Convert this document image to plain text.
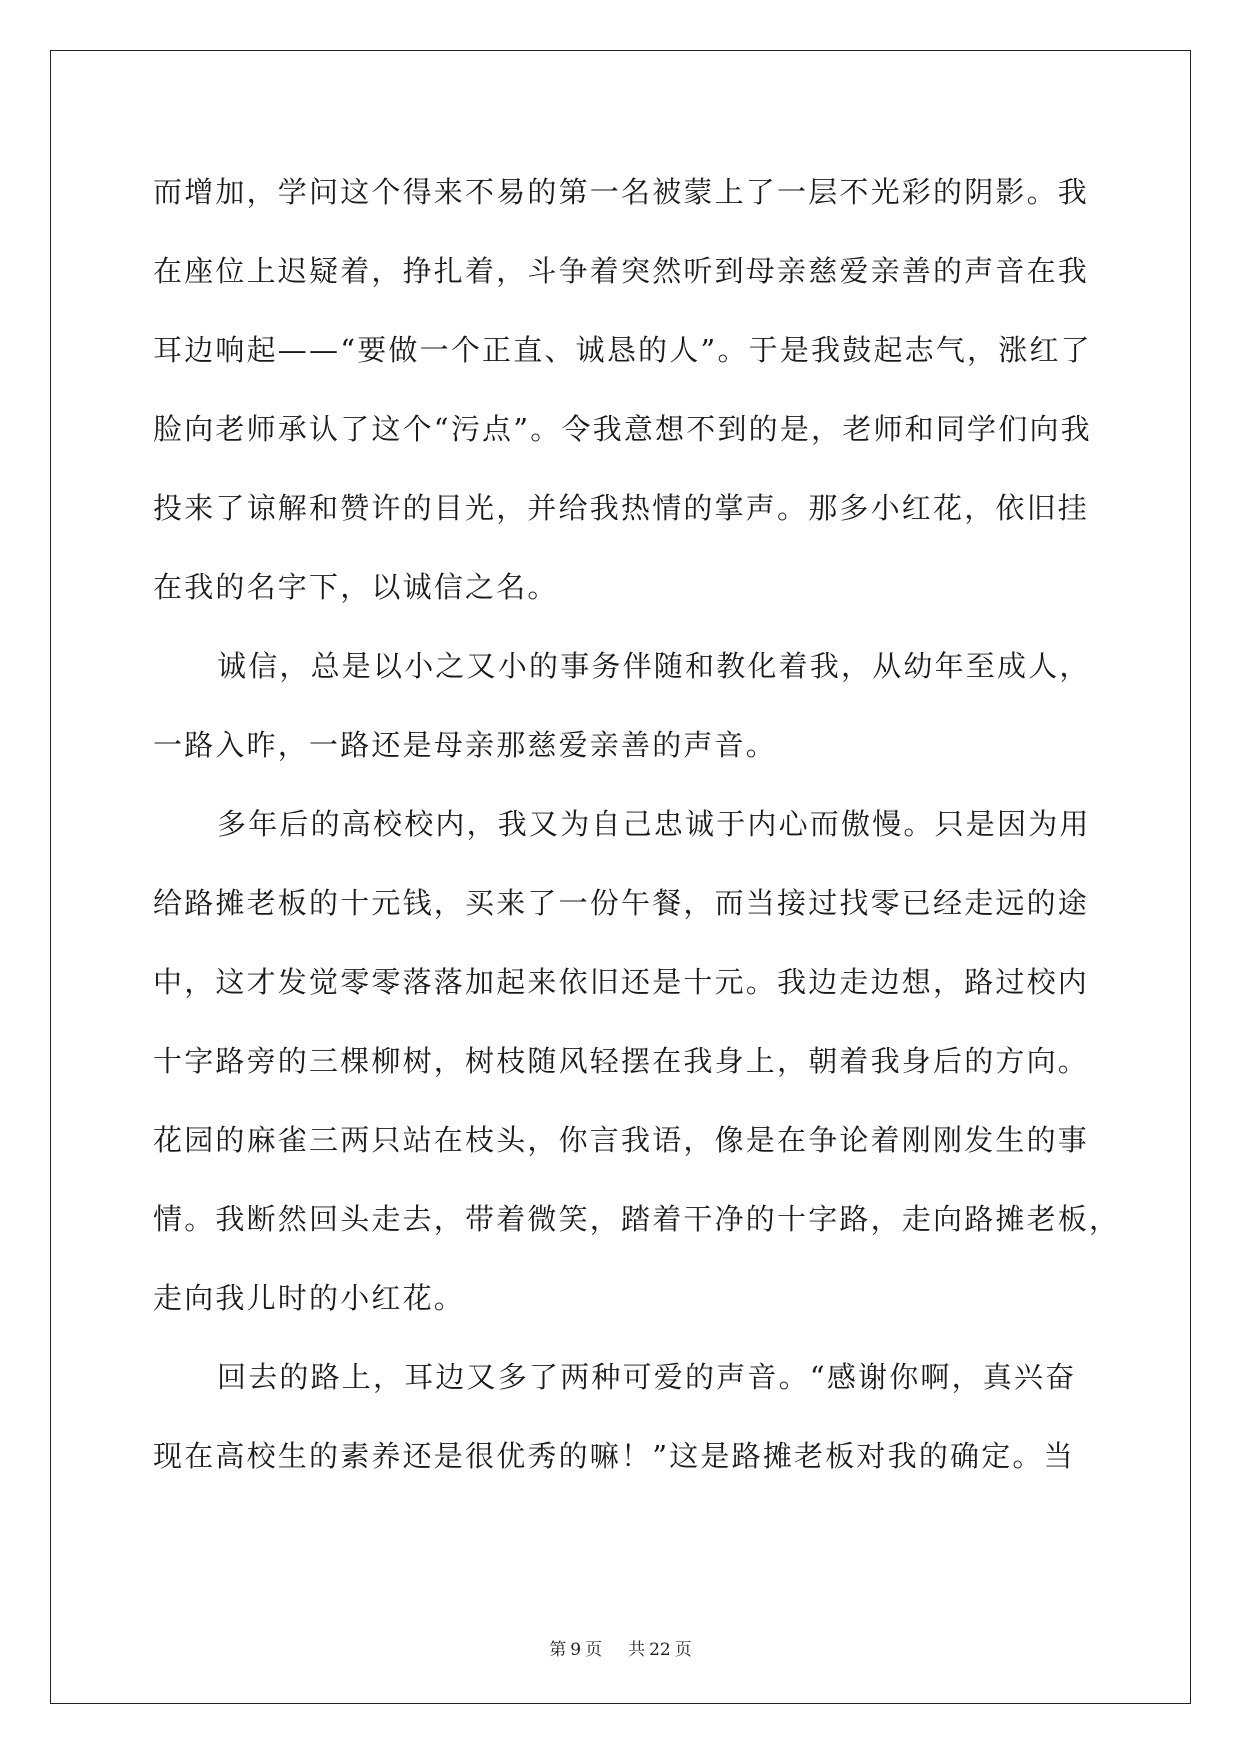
而增加，学问这个得来不易的第一名被蒙上了一层不光彩的阴影。我
在座位上迟疑着，挣扎着，斗争着突然听到母亲慈爱亲善的声音在我
耳边响起——“要做一个正直、诚恳的人”。于是我鼓起志气，涨红了
脸向老师承认了这个“污点”。令我意想不到的是，老师和同学们向我
投来了谅解和赞许的目光，并给我热情的掌声。那多小红花，依旧挂
在我的名字下，以诚信之名。
诚信，总是以小之又小的事务伴随和教化着我，从幼年至成人，
一路入昨，一路还是母亲那慈爱亲善的声音。
多年后的高校校内，我又为自己忠诚于内心而傲慢。只是因为用
给路摊老板的十元钱，买来了一份午餐，而当接过找零已经走远的途
中，这才发觉零零落落加起来依旧还是十元。我边走边想，路过校内
十字路旁的三棵柳树，树枝随风轻摆在我身上，朝着我身后的方向。
花园的麻雀三两只站在枝头，你言我语，像是在争论着刚刚发生的事
情。我断然回头走去，带着微笑，踏着干净的十字路，走向路摊老板，
走向我儿时的小红花。
回去的路上，耳边又多了两种可爱的声音。“感谢你啊，真兴奋
现在高校生的素养还是很优秀的嘛！”这是路摊老板对我的确定。当
第 9 页 共 22 页
